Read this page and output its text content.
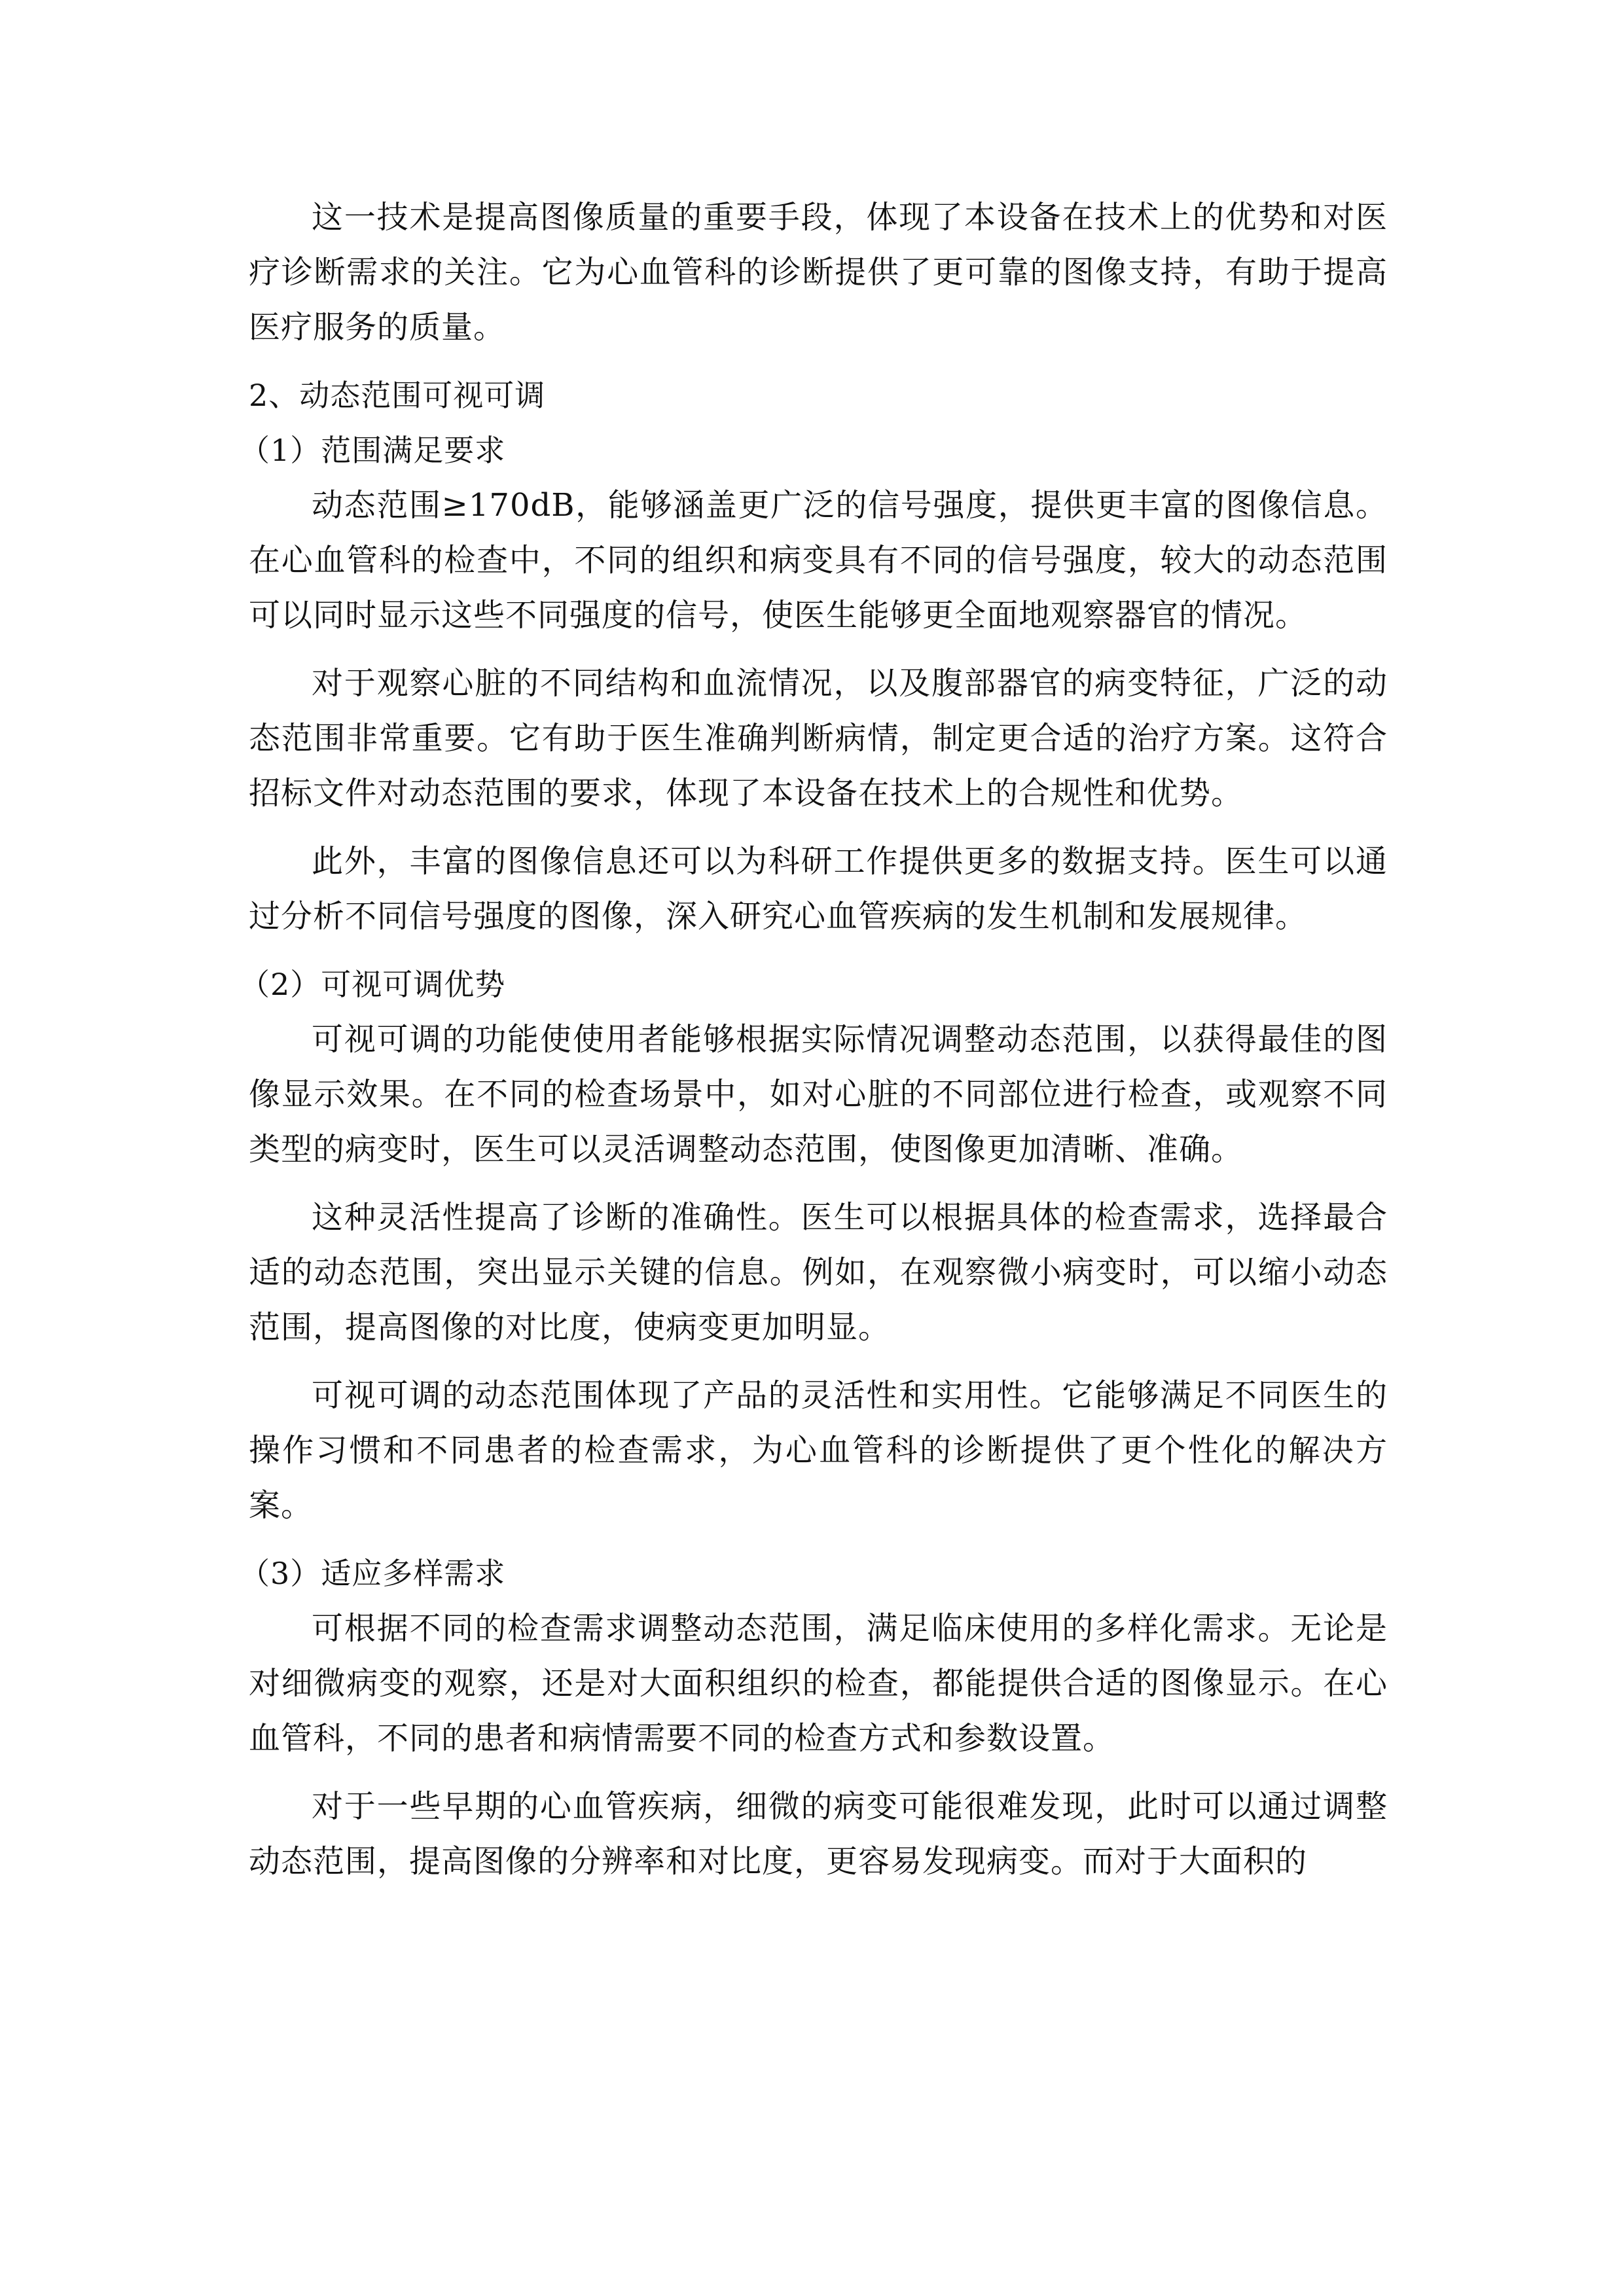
这一技术是提高图像质量的重要手段，体现了本设备在技术上的优势和对医疗诊断需求的关注。它为心血管科的诊断提供了更可靠的图像支持，有助于提高医疗服务的质量。

2、动态范围可视可调
（1）范围满足要求

动态范围≥170dB，能够涵盖更广泛的信号强度，提供更丰富的图像信息。在心血管科的检查中，不同的组织和病变具有不同的信号强度，较大的动态范围可以同时显示这些不同强度的信号，使医生能够更全面地观察器官的情况。

对于观察心脏的不同结构和血流情况，以及腹部器官的病变特征，广泛的动态范围非常重要。它有助于医生准确判断病情，制定更合适的治疗方案。这符合招标文件对动态范围的要求，体现了本设备在技术上的合规性和优势。

此外，丰富的图像信息还可以为科研工作提供更多的数据支持。医生可以通过分析不同信号强度的图像，深入研究心血管疾病的发生机制和发展规律。

（2）可视可调优势

可视可调的功能使使用者能够根据实际情况调整动态范围，以获得最佳的图像显示效果。在不同的检查场景中，如对心脏的不同部位进行检查，或观察不同类型的病变时，医生可以灵活调整动态范围，使图像更加清晰、准确。

这种灵活性提高了诊断的准确性。医生可以根据具体的检查需求，选择最合适的动态范围，突出显示关键的信息。例如，在观察微小病变时，可以缩小动态范围，提高图像的对比度，使病变更加明显。

可视可调的动态范围体现了产品的灵活性和实用性。它能够满足不同医生的操作习惯和不同患者的检查需求，为心血管科的诊断提供了更个性化的解决方案。

（3）适应多样需求

可根据不同的检查需求调整动态范围，满足临床使用的多样化需求。无论是对细微病变的观察，还是对大面积组织的检查，都能提供合适的图像显示。在心血管科，不同的患者和病情需要不同的检查方式和参数设置。

对于一些早期的心血管疾病，细微的病变可能很难发现，此时可以通过调整动态范围，提高图像的分辨率和对比度，更容易发现病变。而对于大面积的
